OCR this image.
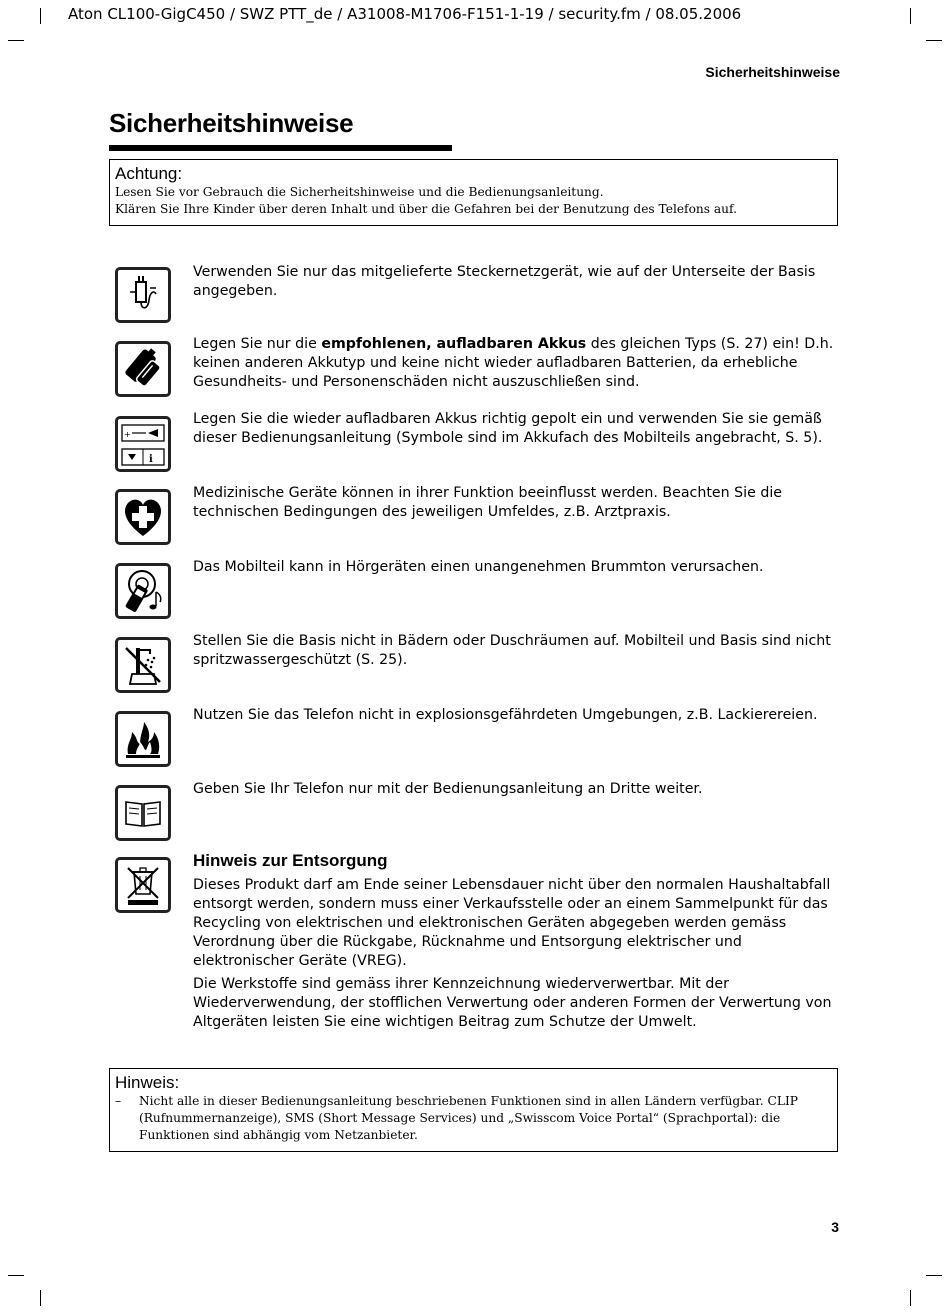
Aton CL100-GigC450 / SWZ PTT_de / A31008-M1706-F151-1-19 / security.fm / 08.05.2006
Sicherheitshinweise
Sicherheitshinweise
Achtung:
Lesen Sie vor Gebrauch die Sicherheitshinweise und die Bedienungsanleitung.
Klären Sie Ihre Kinder über deren Inhalt und über die Gefahren bei der Benutzung des Telefons auf.
Verwenden Sie nur das mitgelieferte Steckernetzgerät, wie auf der Unterseite der Basis angegeben.
Legen Sie nur die empfohlenen, aufladbaren Akkus des gleichen Typs (S. 27) ein! D.h. keinen anderen Akkutyp und keine nicht wieder aufladbaren Batterien, da erhebliche Gesundheits- und Personenschäden nicht auszuschließen sind.
+
i
Legen Sie die wieder aufladbaren Akkus richtig gepolt ein und verwenden Sie sie gemäß dieser Bedienungsanleitung (Symbole sind im Akkufach des Mobilteils angebracht, S. 5).
Medizinische Geräte können in ihrer Funktion beeinflusst werden. Beachten Sie die technischen Bedingungen des jeweiligen Umfeldes, z.B. Arztpraxis.
Das Mobilteil kann in Hörgeräten einen unangenehmen Brummton verursachen.
Stellen Sie die Basis nicht in Bädern oder Duschräumen auf. Mobilteil und Basis sind nicht spritzwassergeschützt (S. 25).
Nutzen Sie das Telefon nicht in explosionsgefährdeten Umgebungen, z.B. Lackierereien.
Geben Sie Ihr Telefon nur mit der Bedienungsanleitung an Dritte weiter.
Hinweis zur Entsorgung

Dieses Produkt darf am Ende seiner Lebensdauer nicht über den normalen Haushaltabfall entsorgt werden, sondern muss einer Verkaufsstelle oder an einem Sammelpunkt für das Recycling von elektrischen und elektronischen Geräten abgegeben werden gemäss Verordnung über die Rückgabe, Rücknahme und Entsorgung elektrischer und elektronischer Geräte (VREG).

Die Werkstoffe sind gemäss ihrer Kennzeichnung wiederverwertbar. Mit der Wiederverwendung, der stofflichen Verwertung oder anderen Formen der Verwertung von Altgeräten leisten Sie eine wichtigen Beitrag zum Schutze der Umwelt.

Hinweis:
–	Nicht alle in dieser Bedienungsanleitung beschriebenen Funktionen sind in allen Ländern verfügbar. CLIP (Rufnummernanzeige), SMS (Short Message Services) und „Swisscom Voice Portal“ (Sprachportal): die Funktionen sind abhängig vom Netzanbieter.
3
